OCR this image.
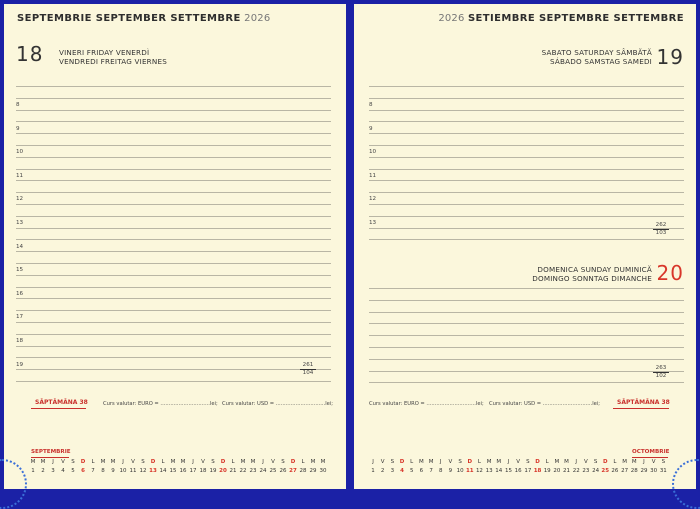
SEPTEMBRIE SEPTEMBER SETTEMBRE 2026
18 VINERI FRIDAY VENERDÌ
VENDREDI FREITAG VIERNES
8
9
10
11
12
13
14
15
16
17
18
19	261
104
SĂPTĂMÂNA 38	Curs valutar: EURO = ..............................lei; Curs valutar: USD = ..............................lei;
SEPTEMBRIE
M M	J	V	S	D	L	M M	J	V	S	D	L	M M	J	V	S	D	L	M M	J	V	S	D	L	M M
1	2	3	4	5	6	7	8	9 10 11 12 13 14 15 16 17 18 19 20 21 22 23 24 25 26 27 28 29 30
2026 SETIEMBRE SEPTEMBRE SETTEMBRE
SABATO SATURDAY SÂMBĂTĂ
SÁBADO SAMSTAG SAMEDI 19
8
9
10
11
12
13	262
103
DOMENICA SUNDAY DUMINICĂ
DOMINGO SONNTAG DIMANCHE 20
263
102
Curs valutar: EURO = ..............................lei; Curs valutar: USD = ..............................lei;	SĂPTĂMÂNA 38
OCTOMBRIE
J	V	S	D	L	M M	J	V	S	D	L	M M	J	V	S	D	L	M M	J	V	S	D	L	M M	J	V	S
1	2	3	4	5	6	7	8	9 10 11 12 13 14 15 16 17 18 19 20 21 22 23 24 25 26 27 28 29 30 31
